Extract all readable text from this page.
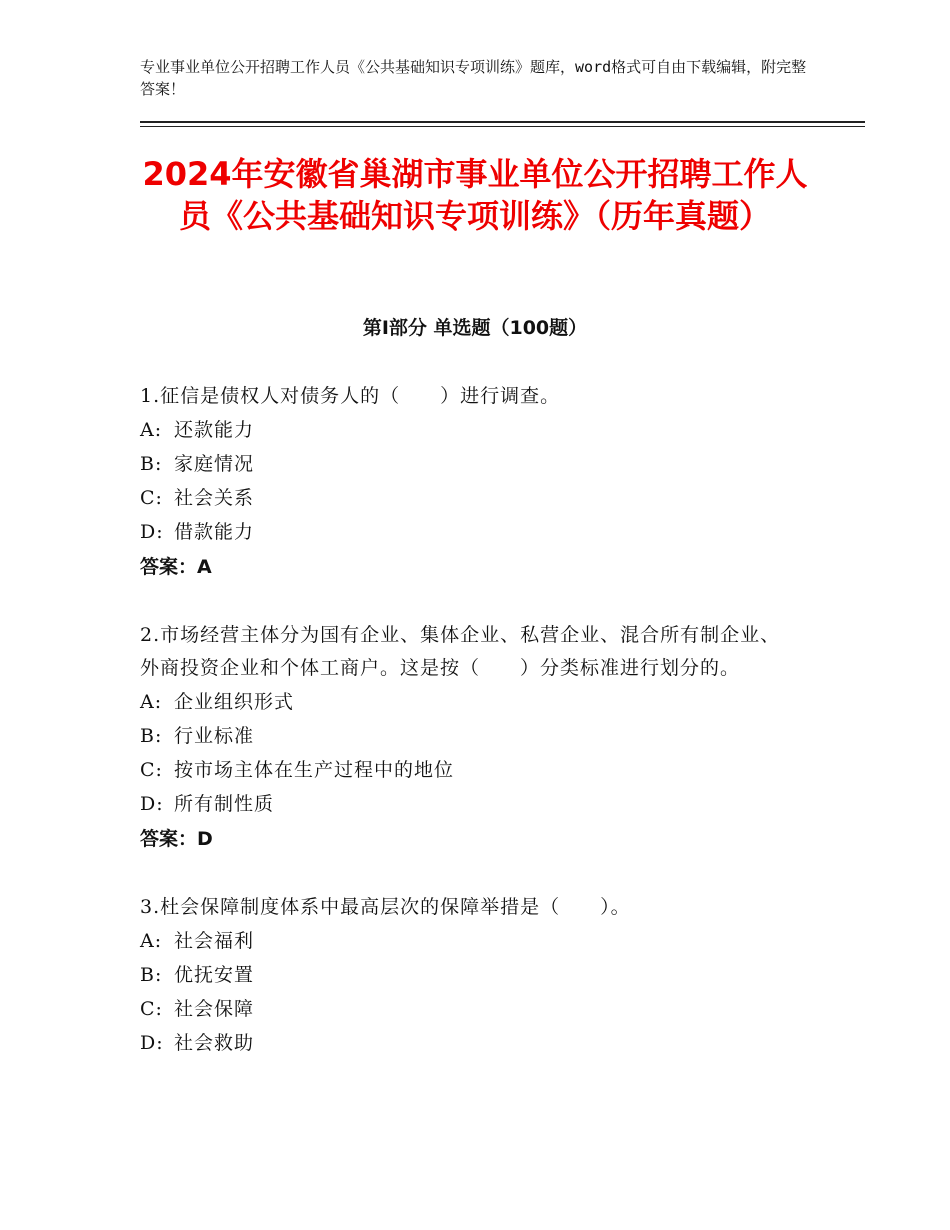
专业事业单位公开招聘工作人员《公共基础知识专项训练》题库，word格式可自由下载编辑，附完整答案！
2024年安徽省巢湖市事业单位公开招聘工作人员《公共基础知识专项训练》（历年真题）
第Ⅰ部分 单选题（100题）

1.征信是债权人对债务人的（　　）进行调查。

A: 还款能力

B: 家庭情况

C: 社会关系

D: 借款能力

答案：A

2.市场经营主体分为国有企业、集体企业、私营企业、混合所有制企业、外商投资企业和个体工商户。这是按（　　）分类标准进行划分的。

A: 企业组织形式

B: 行业标准

C: 按市场主体在生产过程中的地位

D: 所有制性质

答案：D

3.杜会保障制度体系中最高层次的保障举措是（　　）。

A: 社会福利

B: 优抚安置

C: 社会保障

D: 社会救助
